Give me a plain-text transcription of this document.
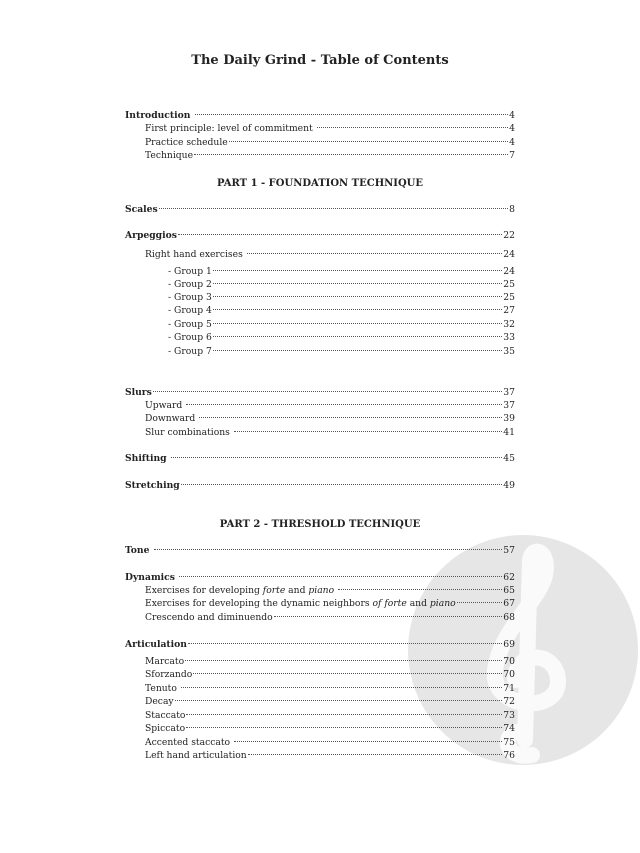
The Daily Grind - Table of Contents
PART 1 - FOUNDATION TECHNIQUE
PART 2 - THRESHOLD TECHNIQUE
Introduction	4
First principle: level of commitment	4
Practice schedule	4
Technique	7
Scales	8
Arpeggios	22
Right hand exercises	24
- Group 1	24
- Group 2	25
- Group 3	25
- Group 4	27
- Group 5	32
- Group 6	33
- Group 7	35
Slurs	37
Upward	37
Downward	39
Slur combinations	41
Shifting	45
Stretching	49
Tone	57
Dynamics	62
Exercises for developing forte and piano	65
Exercises for developing the dynamic neighbors of forte and piano	67
Crescendo and diminuendo	68
Articulation	69
Marcato	70
Sforzando	70
Tenuto	71
Decay	72
Staccato	73
Spiccato	74
Accented staccato	75
Left hand articulation	76
